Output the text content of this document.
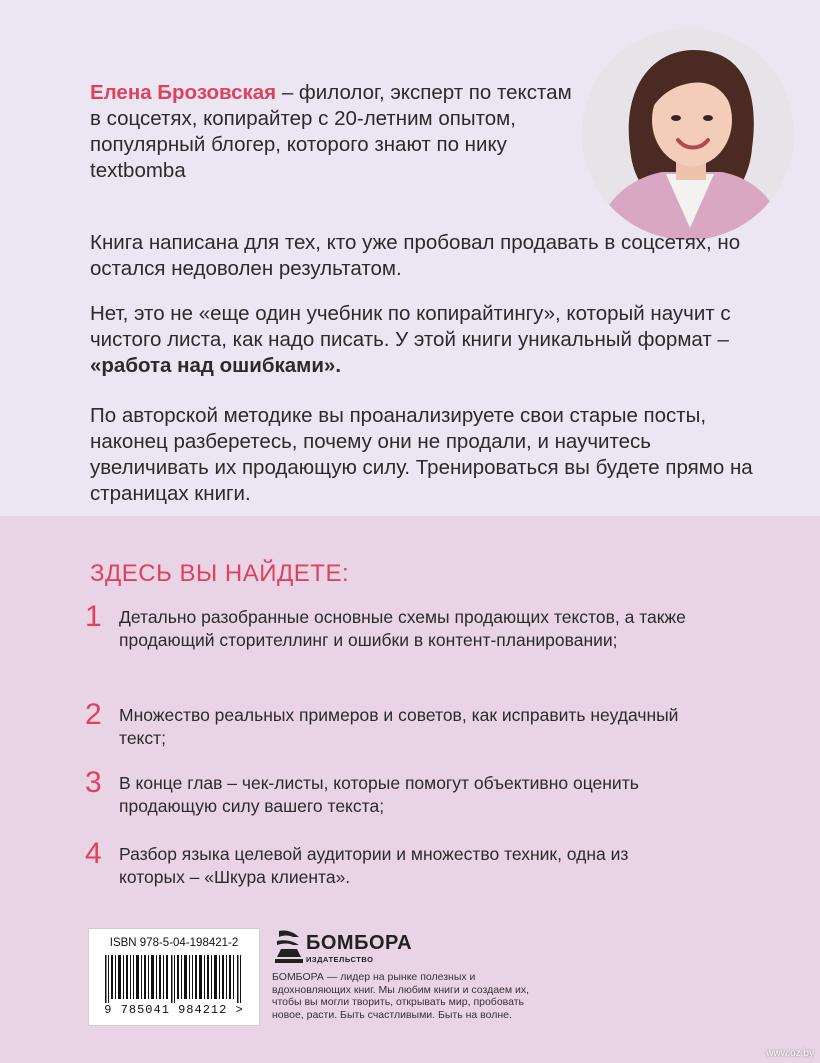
Елена Брозовская – филолог, эксперт по текстам в соцсетях, копирайтер с 20-летним опытом, популярный блогер, которого знают по нику textbomba
Книга написана для тех, кто уже пробовал продавать в соцсетях, но остался недоволен результатом.
Нет, это не «еще один учебник по копирайтингу», который научит с чистого листа, как надо писать. У этой книги уникальный формат –
«работа над ошибками».
По авторской методике вы проанализируете свои старые посты, наконец разберетесь, почему они не продали, и научитесь увеличивать их продающую силу. Тренироваться вы будете прямо на страницах книги.
ЗДЕСЬ ВЫ НАЙДЕТЕ:
1 Детально разобранные основные схемы продающих текстов, а также продающий сторителлинг и ошибки в контент-планировании;
2 Множество реальных примеров и советов, как исправить неудачный текст;
3 В конце глав – чек-листы, которые помогут объективно оценить продающую силу вашего текста;
4 Разбор языка целевой аудитории и множество техник, одна из которых – «Шкура клиента».
ISBN 978-5-04-198421-2
9 785041 984212 >
БОМБОРА
ИЗДАТЕЛЬСТВО
БОМБОРА — лидер на рынке полезных и вдохновляющих книг. Мы любим книги и создаем их, чтобы вы могли творить, открывать мир, пробовать новое, расти. Быть счастливыми. Быть на волне.
www.oz.by
